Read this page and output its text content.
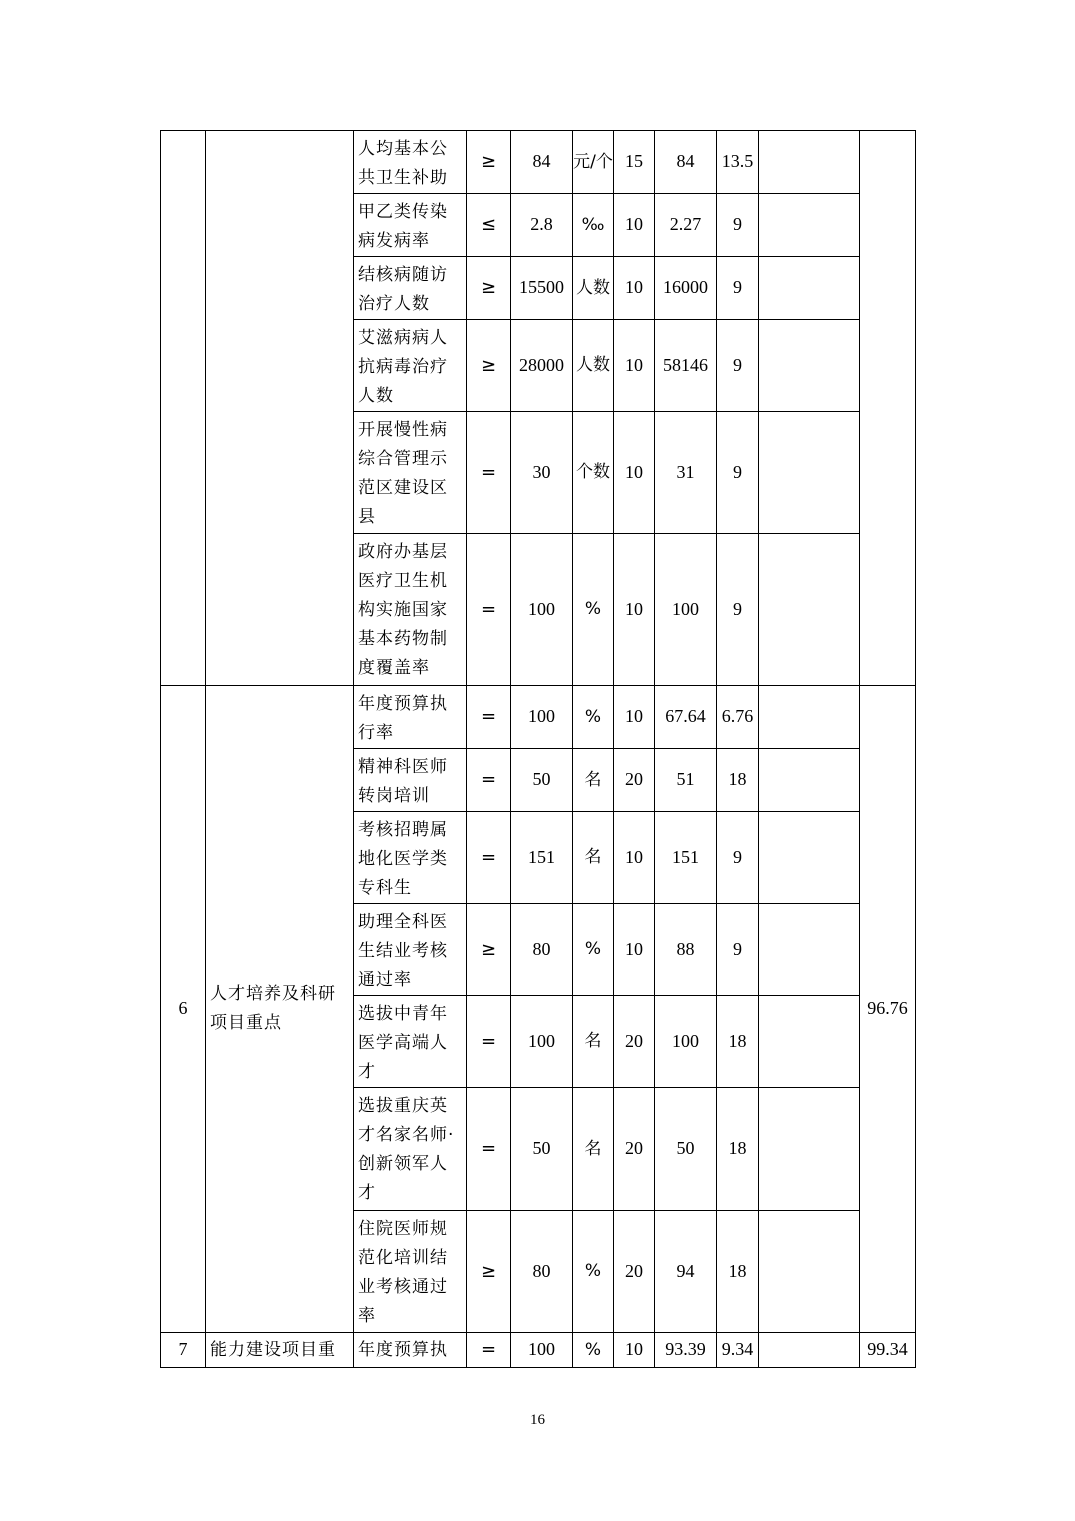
		人均基本公共卫生补助	≥	84	元/个	15	84	13.5		
		甲乙类传染病发病率	≤	2.8	‰	10	2.27	9		
		结核病随访治疗人数	≥	15500	人数	10	16000	9		
		艾滋病病人抗病毒治疗人数	≥	28000	人数	10	58146	9		
		开展慢性病综合管理示范区建设区县	=	30	个数	10	31	9		
		政府办基层医疗卫生机构实施国家基本药物制度覆盖率	=	100	%	10	100	9		
6	人才培养及科研项目重点	年度预算执行率	=	100	%	10	67.64	6.76		96.76
		精神科医师转岗培训	=	50	名	20	51	18		
		考核招聘属地化医学类专科生	=	151	名	10	151	9		
		助理全科医生结业考核通过率	≥	80	%	10	88	9		
		选拔中青年医学高端人才	=	100	名	20	100	18		
		选拔重庆英才名家名师·创新领军人才	=	50	名	20	50	18		
		住院医师规范化培训结业考核通过率	≥	80	%	20	94	18		
7	能力建设项目重	年度预算执	=	100	%	10	93.39	9.34		99.34
16
